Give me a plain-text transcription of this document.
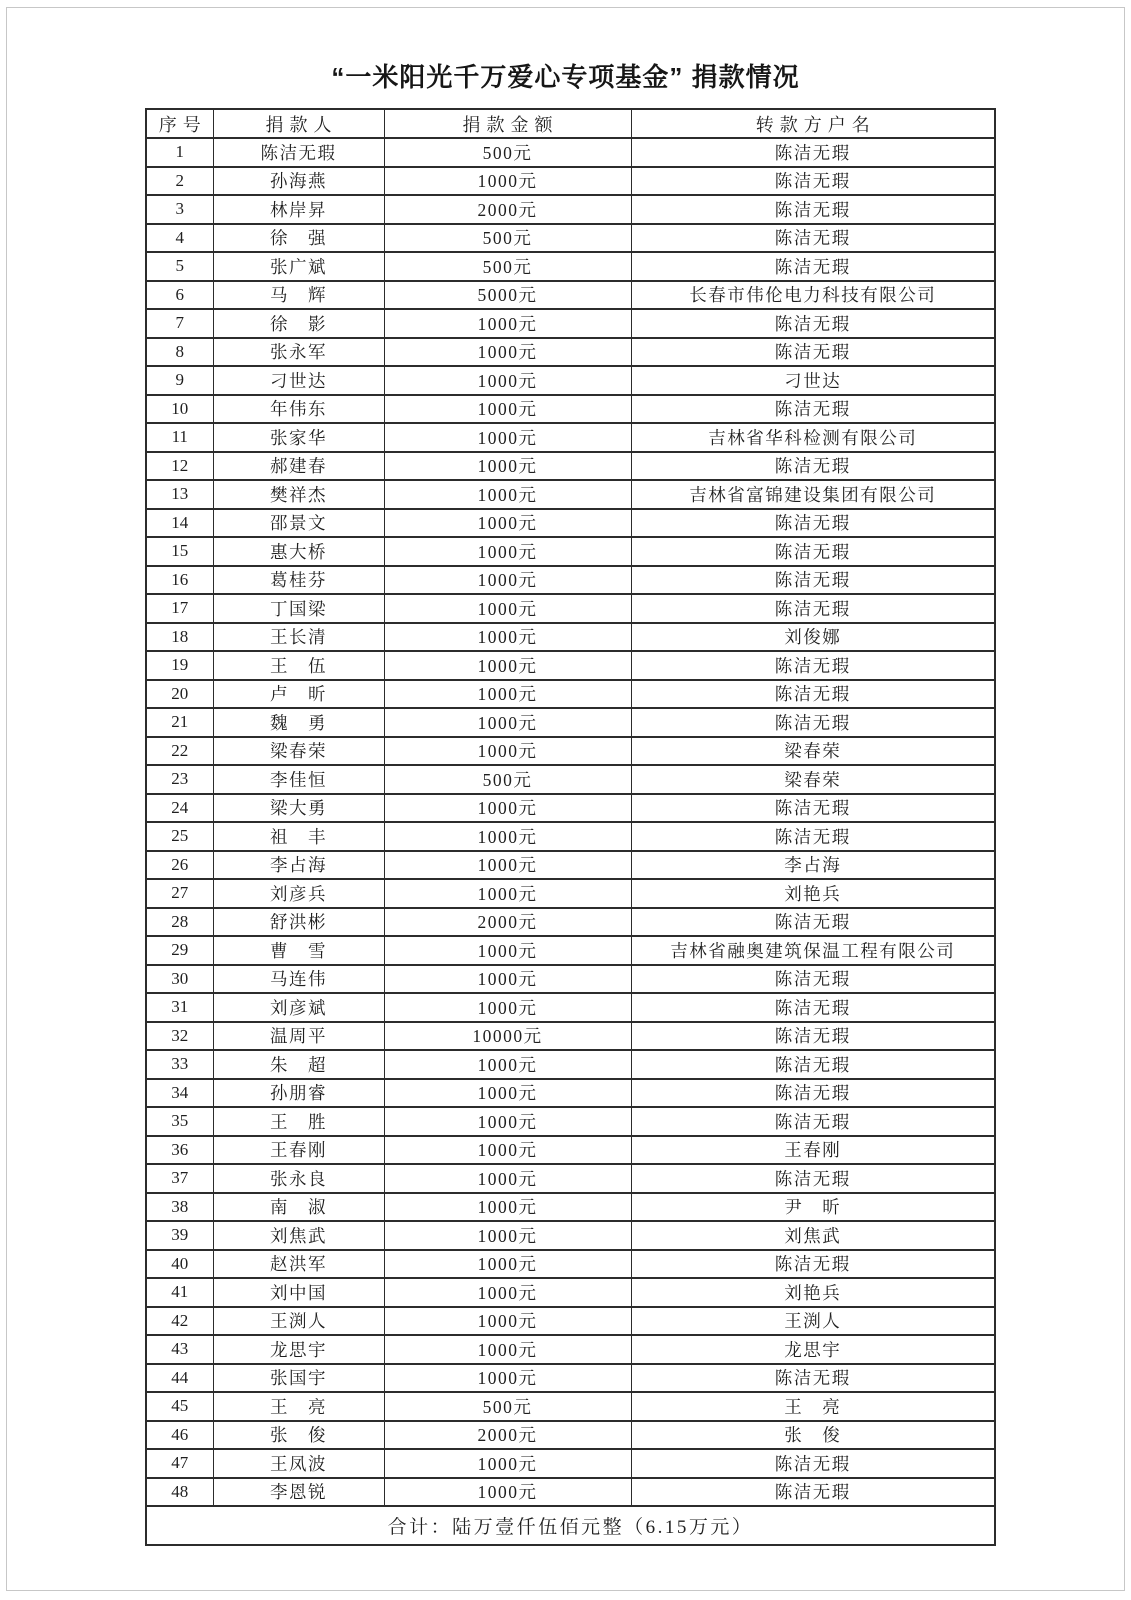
“一米阳光千万爱心专项基金” 捐款情况
序号	捐款人	捐款金额	转款方户名
1	陈洁无瑕	500元	陈洁无瑕
2	孙海燕	1000元	陈洁无瑕
3	林岸昇	2000元	陈洁无瑕
4	徐　强	500元	陈洁无瑕
5	张广斌	500元	陈洁无瑕
6	马　辉	5000元	长春市伟伦电力科技有限公司
7	徐　影	1000元	陈洁无瑕
8	张永军	1000元	陈洁无瑕
9	刁世达	1000元	刁世达
10	年伟东	1000元	陈洁无瑕
11	张家华	1000元	吉林省华科检测有限公司
12	郝建春	1000元	陈洁无瑕
13	樊祥杰	1000元	吉林省富锦建设集团有限公司
14	邵景文	1000元	陈洁无瑕
15	惠大桥	1000元	陈洁无瑕
16	葛桂芬	1000元	陈洁无瑕
17	丁国梁	1000元	陈洁无瑕
18	王长清	1000元	刘俊娜
19	王　伍	1000元	陈洁无瑕
20	卢　昕	1000元	陈洁无瑕
21	魏　勇	1000元	陈洁无瑕
22	梁春荣	1000元	梁春荣
23	李佳恒	500元	梁春荣
24	梁大勇	1000元	陈洁无瑕
25	祖　丰	1000元	陈洁无瑕
26	李占海	1000元	李占海
27	刘彦兵	1000元	刘艳兵
28	舒洪彬	2000元	陈洁无瑕
29	曹　雪	1000元	吉林省融奥建筑保温工程有限公司
30	马连伟	1000元	陈洁无瑕
31	刘彦斌	1000元	陈洁无瑕
32	温周平	10000元	陈洁无瑕
33	朱　超	1000元	陈洁无瑕
34	孙朋睿	1000元	陈洁无瑕
35	王　胜	1000元	陈洁无瑕
36	王春刚	1000元	王春刚
37	张永良	1000元	陈洁无瑕
38	南　淑	1000元	尹　昕
39	刘焦武	1000元	刘焦武
40	赵洪军	1000元	陈洁无瑕
41	刘中国	1000元	刘艳兵
42	王渕人	1000元	王渕人
43	龙思宇	1000元	龙思宇
44	张国宇	1000元	陈洁无瑕
45	王　亮	500元	王　亮
46	张　俊	2000元	张　俊
47	王凤波	1000元	陈洁无瑕
48	李恩锐	1000元	陈洁无瑕
合计：陆万壹仟伍佰元整（6.15万元）			
